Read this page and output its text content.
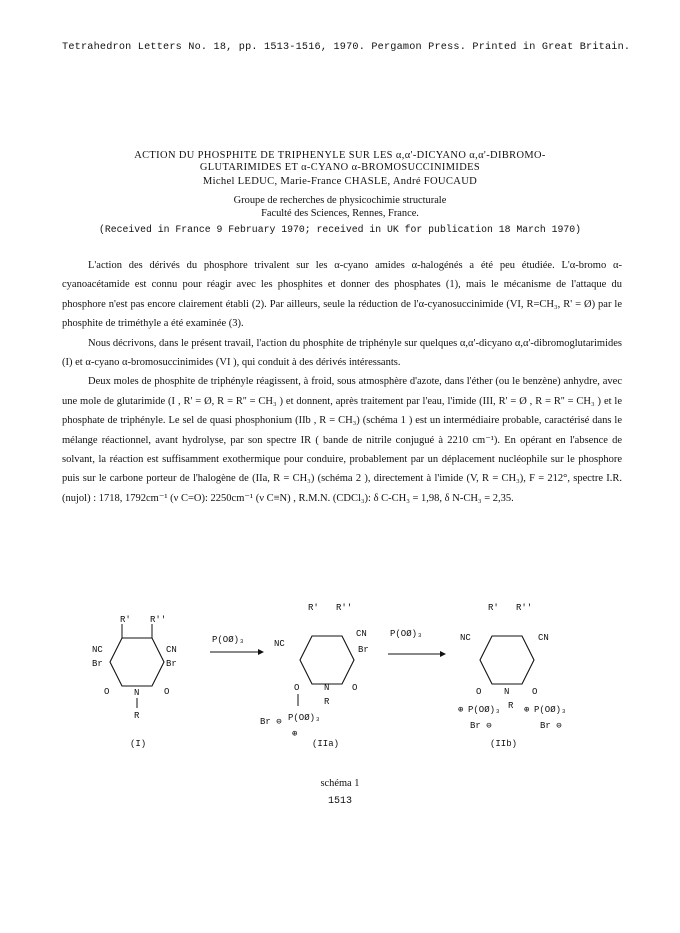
Tetrahedron Letters No. 18, pp. 1513-1516, 1970. Pergamon Press. Printed in Great Britain.
ACTION DU PHOSPHITE DE TRIPHENYLE SUR LES α,α'-DICYANO α,α'-DIBROMO-
GLUTARIMIDES ET α-CYANO α-BROMOSUCCINIMIDES
Michel LEDUC, Marie-France CHASLE, André FOUCAUD
Groupe de recherches de physicochimie structurale
Faculté des Sciences, Rennes, France.
(Received in France 9 February 1970; received in UK for publication 18 March 1970)

L'action des dérivés du phosphore trivalent sur les α-cyano amides α-halogénés a été peu étudiée. L'α-bromo α-cyanoacétamide est connu pour réagir avec les phosphites et donner des phosphates (1), mais le mécanisme de l'attaque du phosphore n'est pas encore clairement établi (2). Par ailleurs, seule la réduction de l'α-cyanosuccinimide (VI, R=CH₃, R' = Ø) par le phosphite de triméthyle a été examinée (3).

Nous décrivons, dans le présent travail, l'action du phosphite de triphényle sur quelques α,α'-dicyano α,α'-dibromoglutarimides (I) et α-cyano α-bromosuccinimides (VI ), qui conduit à des dérivés intéressants.

Deux moles de phosphite de triphényle réagissent, à froid, sous atmosphère d'azote, dans l'éther (ou le benzène) anhydre, avec une mole de glutarimide (I , R' = Ø, R = R'' = CH₃ ) et donnent, après traitement par l'eau, l'imide (III, R' = Ø , R = R'' = CH₃ ) et le phosphate de triphényle. Le sel de quasi phosphonium (IIb , R = CH₃) (schéma 1 ) est un intermédiaire probable, caractérisé dans le mélange réactionnel, avant hydrolyse, par son spectre IR ( bande de nitrile conjugué à 2210 cm⁻¹). En opérant en l'absence de solvant, la réaction est suffisamment exothermique pour conduire, probablement par un déplacement nucléophile sur le phosphore puis sur le carbone porteur de l'halogène de (IIa, R = CH₃) (schéma 2 ), directement à l'imide (V, R = CH₃), F = 212°, spectre I.R. (nujol) : 1718, 1792cm⁻¹ (ν C=O): 2250cm⁻¹ (ν C≡N) , R.M.N. (CDCl₃): δ C-CH₃ = 1,98, δ N-CH₃ = 2,35.

R' R''
NC
Br
CN
Br
O	O
N
R
(I)
P(OØ)₃
R' R''
NC
CN
Br
O	O
N
R
Br ⊖ P(OØ)₃
⊕
(IIa)
P(OØ)₃
R' R''
NC	CN
O	O
N
R
⊕ P(OØ)₃	⊕ P(OØ)₃
Br ⊖	Br ⊖
(IIb)
schéma 1
1513
